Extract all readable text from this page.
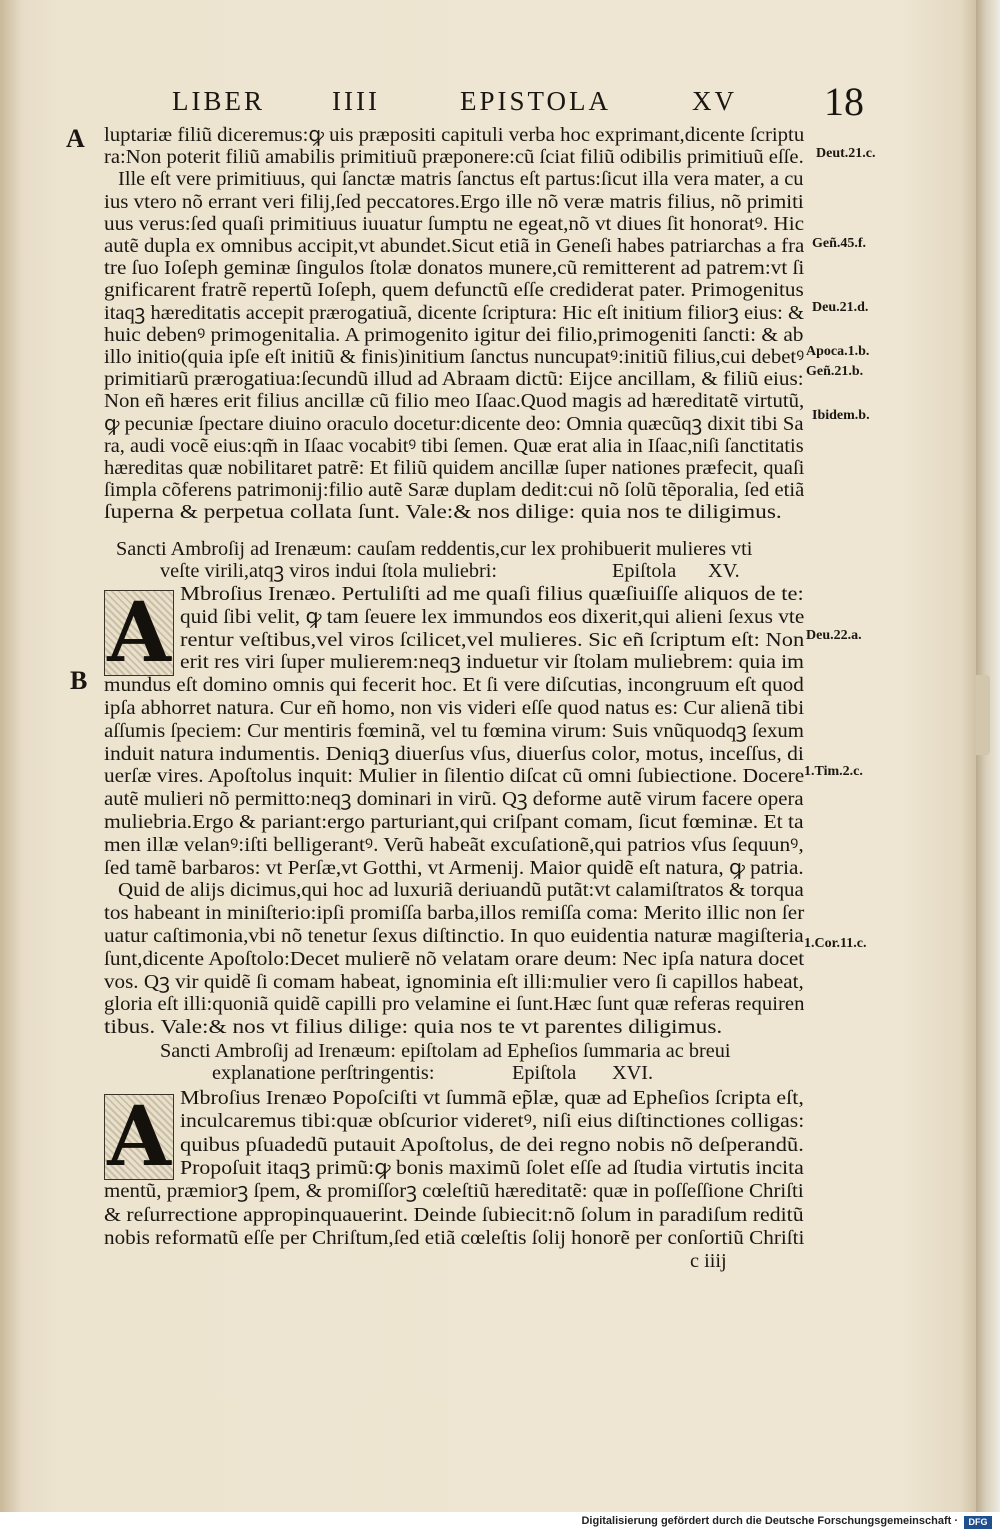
LIBER IIII	EPISTOLA	XV 18
A
B
luptariæ filiũ diceremus:ꝙ uis præpositi capituli verba hoc exprimant,dicente ſcriptu
ra:Non poterit filiũ amabilis primitiuũ præponere:cũ ſciat filiũ odibilis primitiuũ eſſe.
Ille eſt vere primitiuus, qui ſanctæ matris ſanctus eſt partus:ſicut illa vera mater, a cu
ius vtero nõ errant veri filij,ſed peccatores.Ergo ille nõ veræ matris filius, nõ primiti
uus verus:ſed quaſi primitiuus iuuatur ſumptu ne egeat,nõ vt diues ſit honoratꝰ. Hic
autẽ dupla ex omnibus accipit,vt abundet.Sicut etiã in Geneſi habes patriarchas a fra
tre ſuo Ioſeph geminæ ſingulos ſtolæ donatos munere,cũ remitterent ad patrem:vt ſi
gnificarent fratrẽ repertũ Ioſeph, quem defunctũ eſſe crediderat pater. Primogenitus
itaqꝫ hæreditatis accepit prærogatiuã, dicente ſcriptura: Hic eſt initium filiorꝫ eius: &
huic debenꝰ primogenitalia. A primogenito igitur dei filio,primogeniti ſancti: & ab
illo initio(quia ipſe eſt initiũ & finis)initium ſanctus nuncupatꝰ:initiũ filius,cui debetꝰ
primitiarũ prærogatiua:ſecundũ illud ad Abraam dictũ: Eijce ancillam, & filiũ eius:
Non eñ hæres erit filius ancillæ cũ filio meo Iſaac.Quod magis ad hæreditatẽ virtutũ,
ꝙ pecuniæ ſpectare diuino oraculo docetur:dicente deo: Omnia quæcũqꝫ dixit tibi Sa
ra, audi vocẽ eius:qm̃ in Iſaac vocabitꝰ tibi ſemen. Quæ erat alia in Iſaac,niſi ſanctitatis
hæreditas quæ nobilitaret patrẽ: Et filiũ quidem ancillæ ſuper nationes præfecit, quaſi
ſimpla cõferens patrimonij:filio autẽ Saræ duplam dedit:cui nõ ſolũ tẽporalia, ſed etiã
ſuperna & perpetua collata ſunt. Vale:& nos dilige: quia nos te diligimus.
Sancti Ambroſij ad Irenæum: cauſam reddentis,cur lex prohibuerit mulieres vti
veſte virili,atqꝫ viros indui ſtola muliebri:	Epiſtola XV.
A Mbroſius Irenæo. Pertuliſti ad me quaſi filius quæſiuiſſe aliquos de te:
quid ſibi velit, ꝙ tam ſeuere lex immundos eos dixerit,qui alieni ſexus vte
rentur veſtibus,vel viros ſcilicet,vel mulieres. Sic eñ ſcriptum eſt: Non
erit res viri ſuper mulierem:neqꝫ induetur vir ſtolam muliebrem: quia im
mundus eſt domino omnis qui fecerit hoc. Et ſi vere diſcutias, incongruum eſt quod
ipſa abhorret natura. Cur eñ homo, non vis videri eſſe quod natus es: Cur alienã tibi
aſſumis ſpeciem: Cur mentiris fœminã, vel tu fœmina virum: Suis vnũquodqꝫ ſexum
induit natura indumentis. Deniqꝫ diuerſus vſus, diuerſus color, motus, inceſſus, di
uerſæ vires. Apoſtolus inquit: Mulier in ſilentio diſcat cũ omni ſubiectione. Docere
autẽ mulieri nõ permitto:neqꝫ dominari in virũ. Qꝫ deforme autẽ virum facere opera
muliebria.Ergo & pariant:ergo parturiant,qui criſpant comam, ſicut fœminæ. Et ta
men illæ velanꝰ:iſti belligerantꝰ. Verũ habeãt excuſationẽ,qui patrios vſus ſequunꝰ,
ſed tamẽ barbaros: vt Perſæ,vt Gotthi, vt Armenij. Maior quidẽ eſt natura, ꝙ patria.
Quid de alijs dicimus,qui hoc ad luxuriã deriuandũ putãt:vt calamiſtratos & torqua
tos habeant in miniſterio:ipſi promiſſa barba,illos remiſſa coma: Merito illic non ſer
uatur caſtimonia,vbi nõ tenetur ſexus diſtinctio. In quo euidentia naturæ magiſteria
ſunt,dicente Apoſtolo:Decet mulierẽ nõ velatam orare deum: Nec ipſa natura docet
vos. Qꝫ vir quidẽ ſi comam habeat, ignominia eſt illi:mulier vero ſi capillos habeat,
gloria eſt illi:quoniã quidẽ capilli pro velamine ei ſunt.Hæc ſunt quæ referas requiren
tibus. Vale:& nos vt filius dilige: quia nos te vt parentes diligimus.
Sancti Ambroſij ad Irenæum: epiſtolam ad Epheſios ſummaria ac breui
explanatione perſtringentis:	Epiſtola XVI.
A Mbroſius Irenæo Popoſciſti vt ſummã ep̃læ, quæ ad Epheſios ſcripta eſt,
inculcaremus tibi:quæ obſcurior videretꝰ, niſi eius diſtinctiones colligas:
quibus pſuadedũ putauit Apoſtolus, de dei regno nobis nõ deſperandũ.
Propoſuit itaqꝫ primũ:ꝙ bonis maximũ ſolet eſſe ad ſtudia virtutis incita
mentũ, præmiorꝫ ſpem, & promiſſorꝫ cœleſtiũ hæreditatẽ: quæ in poſſeſſione Chriſti
& reſurrectione appropinquauerint. Deinde ſubiecit:nõ ſolum in paradiſum reditũ
nobis reformatũ eſſe per Chriſtum,ſed etiã cœleſtis ſolij honorẽ per conſortiũ Chriſti
c iiij
Deut.21.c.
Geñ.45.f.
Deu.21.d.
Apoca.1.b.
Geñ.21.b.
Ibidem.b.
Deu.22.a.
1.Tim.2.c.
1.Cor.11.c.
Digitalisierung gefördert durch die Deutsche Forschungsgemeinschaft ·	DFG
